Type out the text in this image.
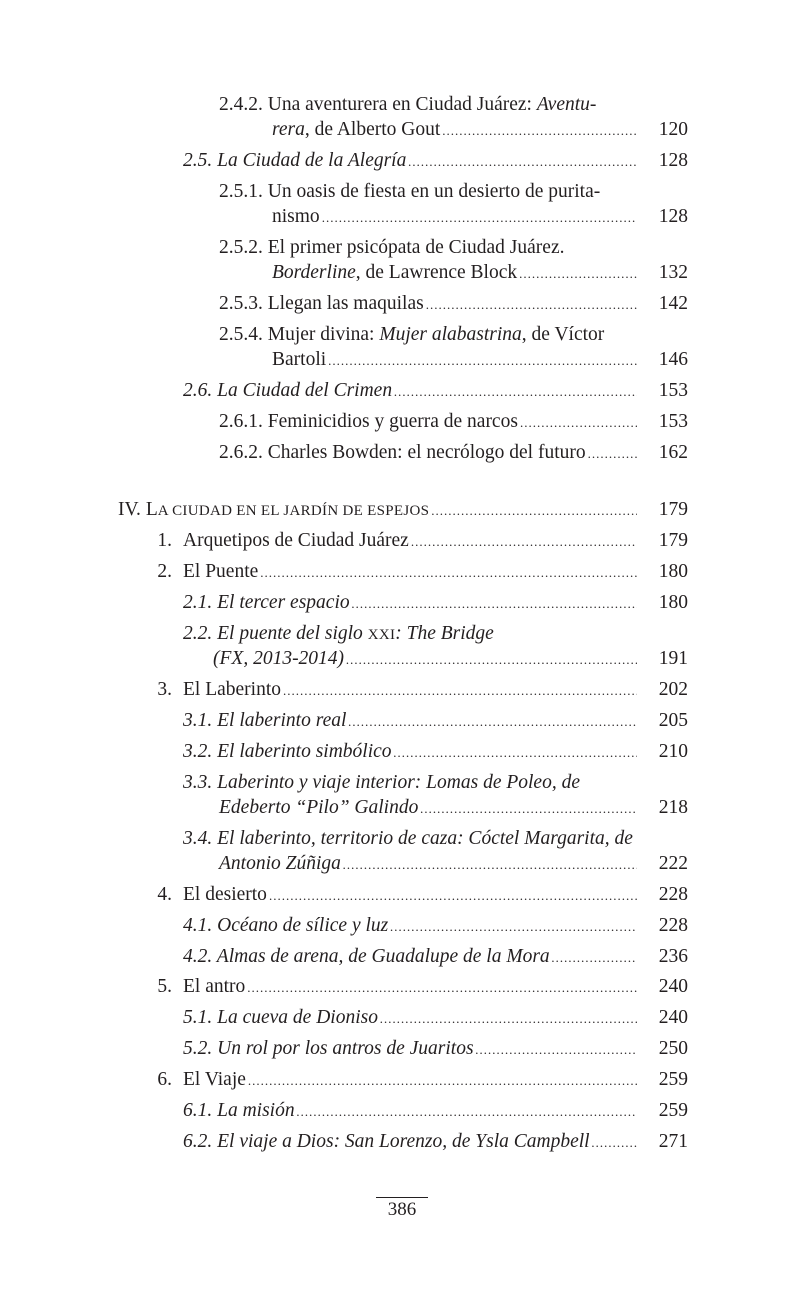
2.4.2. Una aventurera en Ciudad Juárez: Aventu-
rera, de Alberto Gout .....	120
2.5. La Ciudad de la Alegría .....	128
2.5.1. Un oasis de fiesta en un desierto de purita-
nismo .....	128
2.5.2. El primer psicópata de Ciudad Juárez.
Borderline, de Lawrence Block .....	132
2.5.3. Llegan las maquilas .....	142
2.5.4. Mujer divina: Mujer alabastrina, de Víctor
Bartoli .....	146
2.6. La Ciudad del Crimen .....	153
2.6.1. Feminicidios y guerra de narcos .....	153
2.6.2. Charles Bowden: el necrólogo del futuro .....	162
IV. LA CIUDAD EN EL JARDÍN DE ESPEJOS .....	179
1. Arquetipos de Ciudad Juárez .....	179
2. El Puente .....	180
2.1. El tercer espacio .....	180
2.2. El puente del siglo XXI: The Bridge
(FX, 2013-2014) .....	191
3. El Laberinto .....	202
3.1. El laberinto real .....	205
3.2. El laberinto simbólico .....	210
3.3. Laberinto y viaje interior: Lomas de Poleo, de
Edeberto “Pilo” Galindo .....	218
3.4. El laberinto, territorio de caza: Cóctel Margarita, de
Antonio Zúñiga .....	222
4. El desierto .....	228
4.1. Océano de sílice y luz .....	228
4.2. Almas de arena, de Guadalupe de la Mora .....	236
5. El antro .....	240
5.1. La cueva de Dioniso .....	240
5.2. Un rol por los antros de Juaritos .....	250
6. El Viaje .....	259
6.1. La misión .....	259
6.2. El viaje a Dios: San Lorenzo, de Ysla Campbell .....	271
386
